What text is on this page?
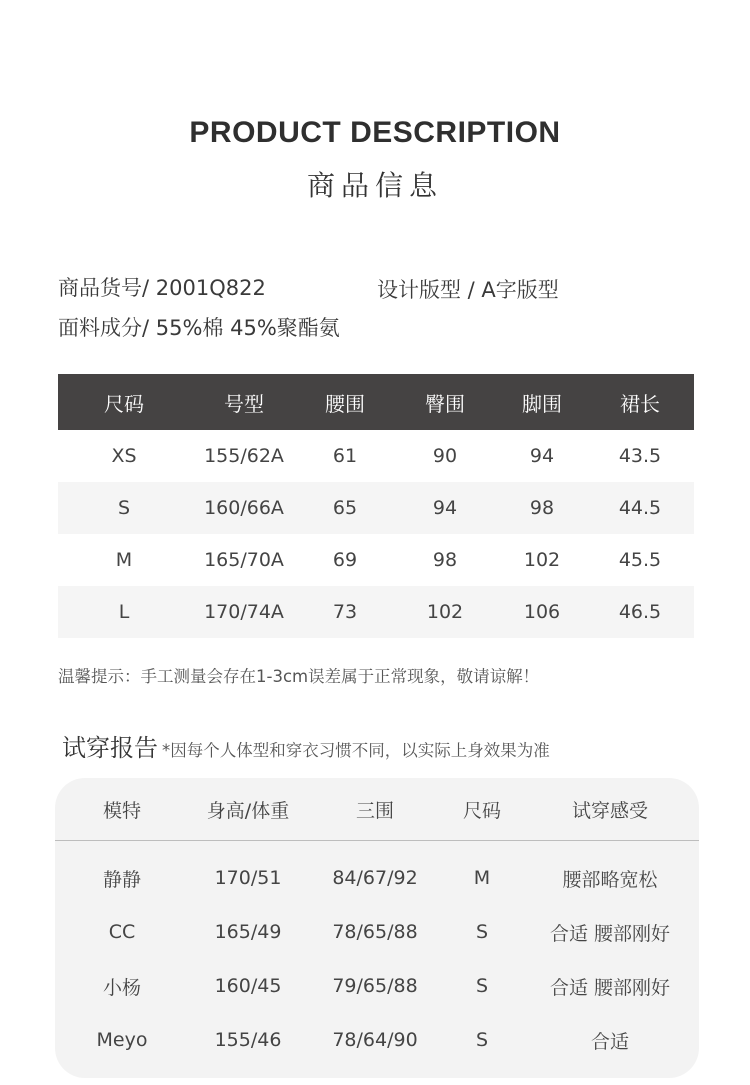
PRODUCT DESCRIPTION
商品信息
商品货号/ 2001Q822	设计版型 / A字版型
面料成分/ 55%棉 45%聚酯氨
尺码	号型	腰围	臀围	脚围	裙长
XS	155/62A	61	90	94	43.5
S	160/66A	65	94	98	44.5
M	165/70A	69	98	102	45.5
L	170/74A	73	102	106	46.5
温馨提示：手工测量会存在1-3cm误差属于正常现象，敬请谅解！
试穿报告 *因每个人体型和穿衣习惯不同，以实际上身效果为准
模特	身高/体重	三围	尺码	试穿感受
静静	170/51	84/67/92	M	腰部略宽松
CC	165/49	78/65/88	S	合适 腰部刚好
小杨	160/45	79/65/88	S	合适 腰部刚好
Meyo	155/46	78/64/90	S	合适
